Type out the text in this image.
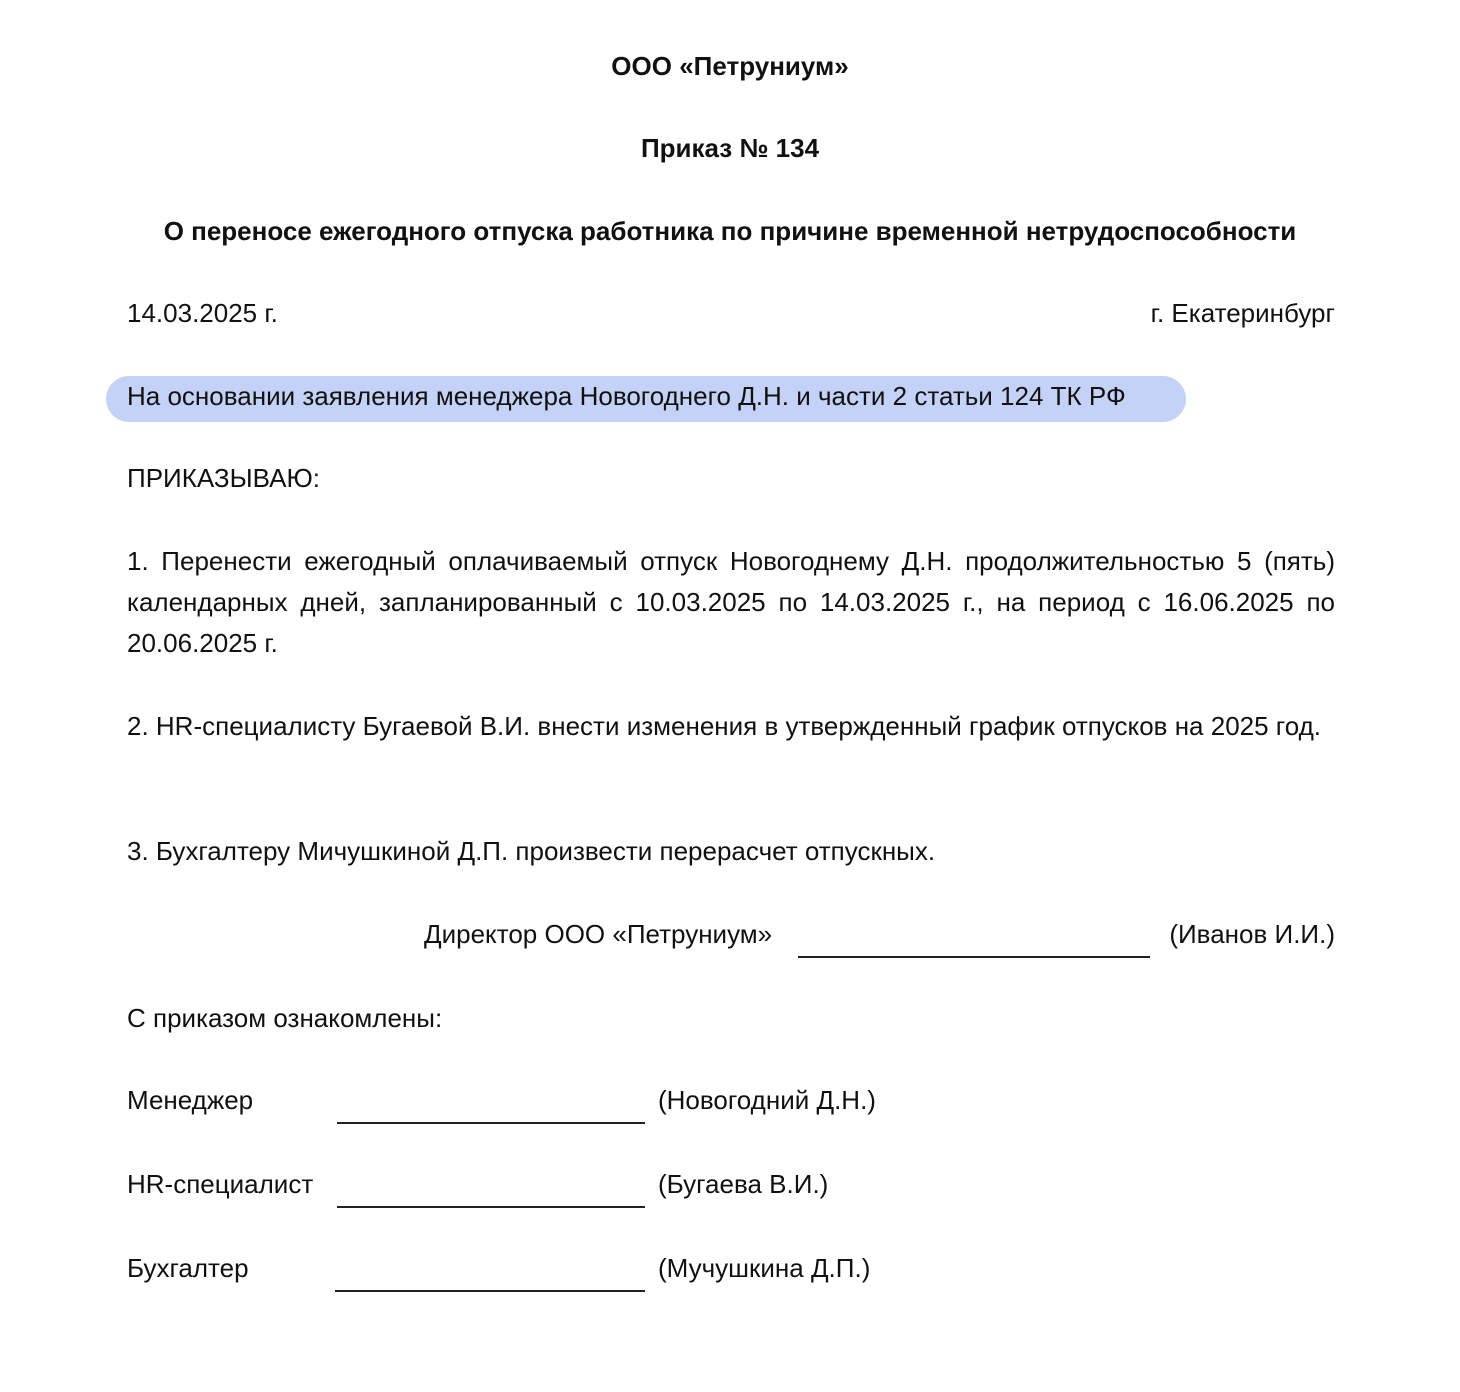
ООО «Петруниум»
Приказ № 134
О переносе ежегодного отпуска работника по причине временной нетрудоспособности
14.03.2025 г.	г. Екатеринбург
На основании заявления менеджера Новогоднего Д.Н. и части 2 статьи 124 ТК РФ
ПРИКАЗЫВАЮ:
1. Перенести ежегодный оплачиваемый отпуск Новогоднему Д.Н. продолжительностью 5 (пять) календарных дней, запланированный с 10.03.2025 по 14.03.2025 г., на период с 16.06.2025 по 20.06.2025 г.
2. HR-специалисту Бугаевой В.И. внести изменения в утвержденный график отпусков на 2025 год.
3. Бухгалтеру Мичушкиной Д.П. произвести перерасчет отпускных.
Директор ООО «Петруниум»	(Иванов И.И.)
С приказом ознакомлены:
Менеджер	(Новогодний Д.Н.)
HR-специалист	(Бугаева В.И.)
Бухгалтер	(Мучушкина Д.П.)
